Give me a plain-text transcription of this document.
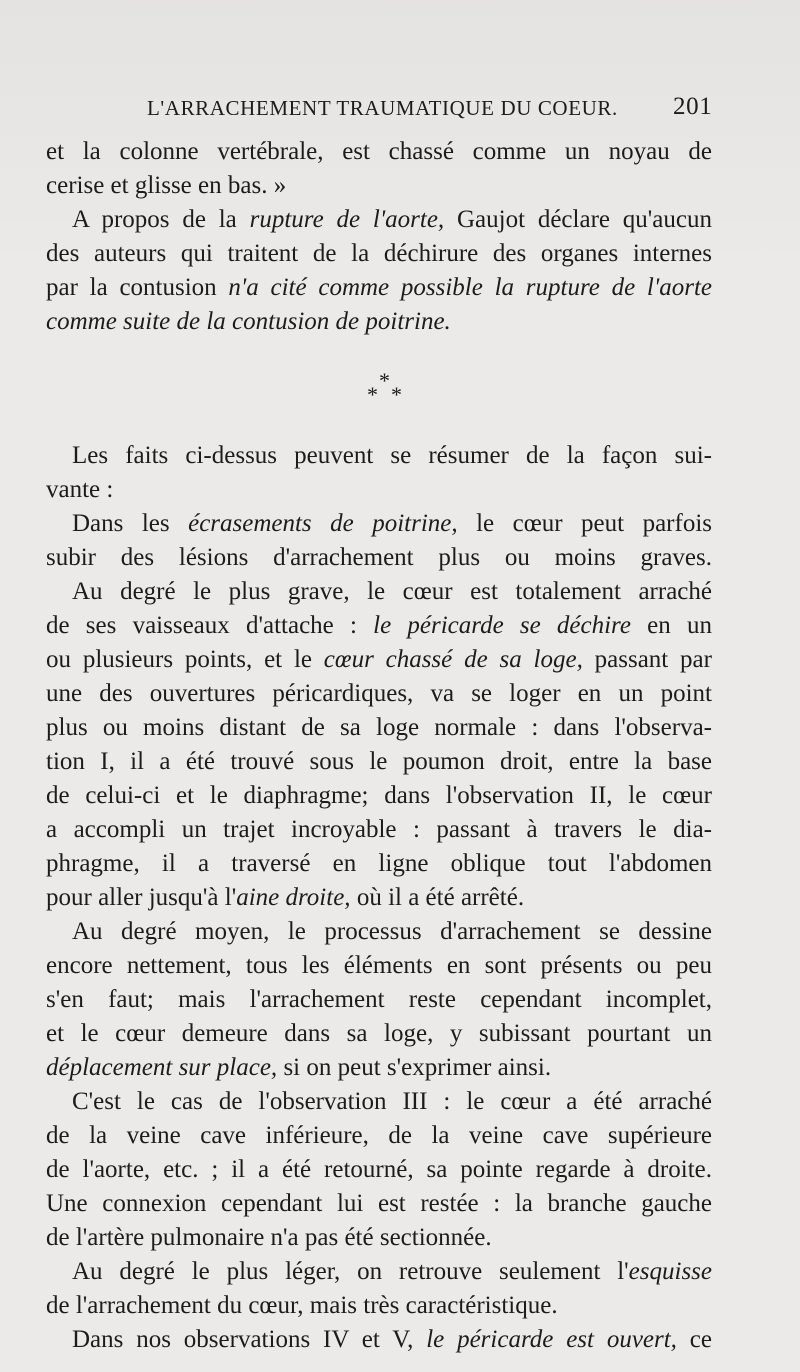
L'ARRACHEMENT TRAUMATIQUE DU COEUR. 201
et la colonne vertébrale, est chassé comme un noyau de
cerise et glisse en bas. »
A propos de la rupture de l'aorte, Gaujot déclare qu'aucun
des auteurs qui traitent de la déchirure des organes internes
par la contusion n'a cité comme possible la rupture de l'aorte
comme suite de la contusion de poitrine.
*
* *
Les faits ci-dessus peuvent se résumer de la façon sui-
vante :
Dans les écrasements de poitrine, le cœur peut parfois
subir des lésions d'arrachement plus ou moins graves.
Au degré le plus grave, le cœur est totalement arraché
de ses vaisseaux d'attache : le péricarde se déchire en un
ou plusieurs points, et le cœur chassé de sa loge, passant par
une des ouvertures péricardiques, va se loger en un point
plus ou moins distant de sa loge normale : dans l'observa-
tion I, il a été trouvé sous le poumon droit, entre la base
de celui-ci et le diaphragme; dans l'observation II, le cœur
a accompli un trajet incroyable : passant à travers le dia-
phragme, il a traversé en ligne oblique tout l'abdomen
pour aller jusqu'à l'aine droite, où il a été arrêté.
Au degré moyen, le processus d'arrachement se dessine
encore nettement, tous les éléments en sont présents ou peu
s'en faut; mais l'arrachement reste cependant incomplet,
et le cœur demeure dans sa loge, y subissant pourtant un
déplacement sur place, si on peut s'exprimer ainsi.
C'est le cas de l'observation III : le cœur a été arraché
de la veine cave inférieure, de la veine cave supérieure
de l'aorte, etc. ; il a été retourné, sa pointe regarde à droite.
Une connexion cependant lui est restée : la branche gauche
de l'artère pulmonaire n'a pas été sectionnée.
Au degré le plus léger, on retrouve seulement l'esquisse
de l'arrachement du cœur, mais très caractéristique.
Dans nos observations IV et V, le péricarde est ouvert, ce
